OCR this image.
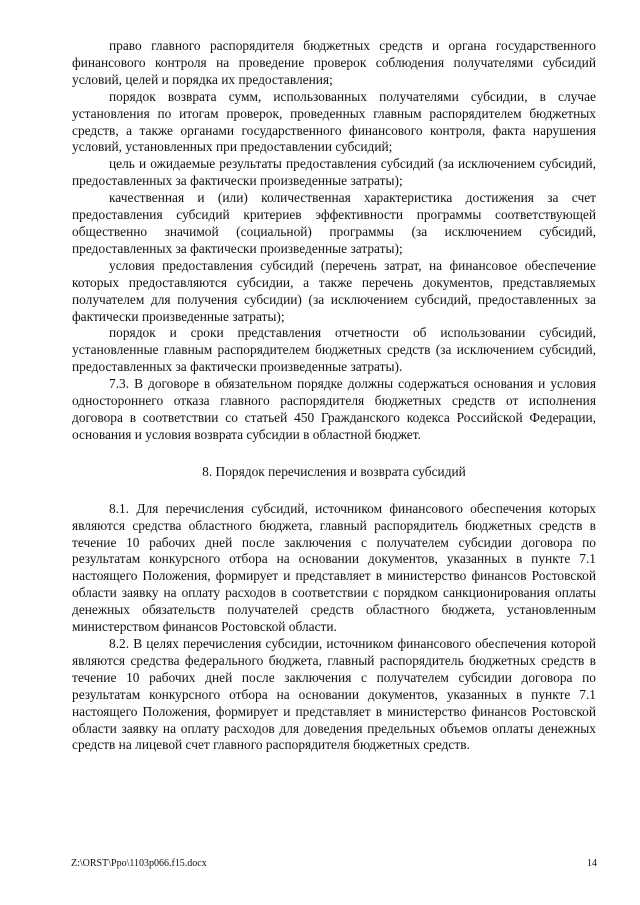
право главного распорядителя бюджетных средств и органа государственного финансового контроля на проведение проверок соблюдения получателями субсидий условий, целей и порядка их предоставления;

порядок возврата сумм, использованных получателями субсидии, в случае установления по итогам проверок, проведенных главным распорядителем бюджетных средств, а также органами государственного финансового контроля, факта нарушения условий, установленных при предоставлении субсидий;

цель и ожидаемые результаты предоставления субсидий (за исключением субсидий, предоставленных за фактически произведенные затраты);

качественная и (или) количественная характеристика достижения за счет предоставления субсидий критериев эффективности программы соответствующей общественно значимой (социальной) программы (за исключением субсидий, предоставленных за фактически произведенные затраты);

условия предоставления субсидий (перечень затрат, на финансовое обеспечение которых предоставляются субсидии, а также перечень документов, представляемых получателем для получения субсидии) (за исключением субсидий, предоставленных за фактически произведенные затраты);

порядок и сроки представления отчетности об использовании субсидий, установленные главным распорядителем бюджетных средств (за исключением субсидий, предоставленных за фактически произведенные затраты).

7.3. В договоре в обязательном порядке должны содержаться основания и условия одностороннего отказа главного распорядителя бюджетных средств от исполнения договора в соответствии со статьей 450 Гражданского кодекса Российской Федерации, основания и условия возврата субсидии в областной бюджет.

8. Порядок перечисления и возврата субсидий

8.1. Для перечисления субсидий, источником финансового обеспечения которых являются средства областного бюджета, главный распорядитель бюджетных средств в течение 10 рабочих дней после заключения с получателем субсидии договора по результатам конкурсного отбора на основании документов, указанных в пункте 7.1 настоящего Положения, формирует и представляет в министерство финансов Ростовской области заявку на оплату расходов в соответствии с порядком санкционирования оплаты денежных обязательств получателей средств областного бюджета, установленным министерством финансов Ростовской области.

8.2. В целях перечисления субсидии, источником финансового обеспечения которой являются средства федерального бюджета, главный распорядитель бюджетных средств в течение 10 рабочих дней после заключения с получателем субсидии договора по результатам конкурсного отбора на основании документов, указанных в пункте 7.1 настоящего Положения, формирует и представляет в министерство финансов Ростовской области заявку на оплату расходов для доведения предельных объемов оплаты денежных средств на лицевой счет главного распорядителя бюджетных средств.

Z:\ORST\Ppo\1103p066.f15.docx	14
